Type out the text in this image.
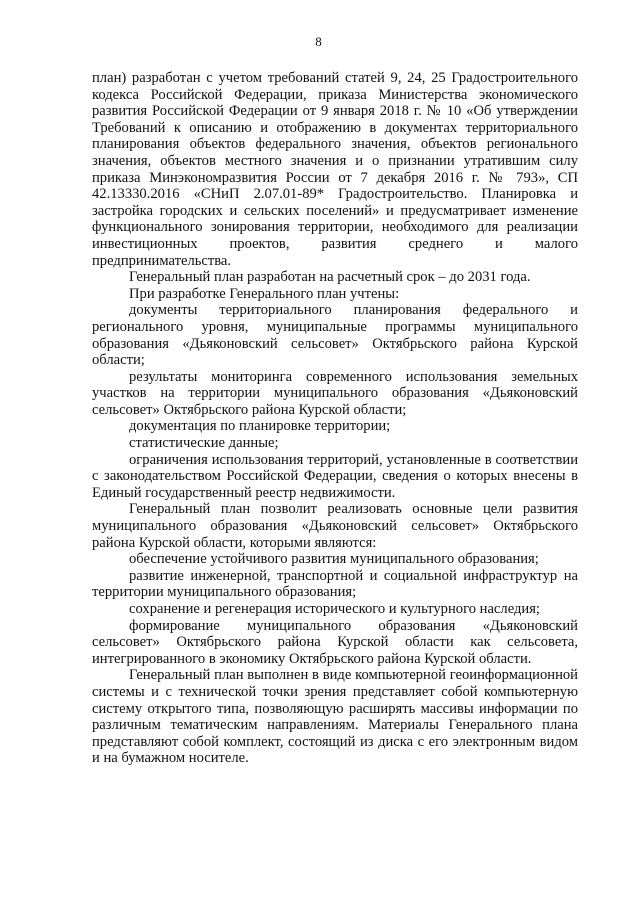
8

план) разработан с учетом требований статей 9, 24, 25 Градостроительного кодекса Российской Федерации, приказа Министерства экономического развития Российской Федерации от 9 января 2018 г. № 10 «Об утверждении Требований к описанию и отображению в документах территориального планирования объектов федерального значения, объектов регионального значения, объектов местного значения и о признании утратившим силу приказа Минэкономразвития России от 7 декабря 2016 г. № 793», СП 42.13330.2016 «СНиП 2.07.01-89* Градостроительство. Планировка и застройка городских и сельских поселений» и предусматривает изменение функционального зонирования территории, необходимого для реализации инвестиционных проектов, развития среднего и малого предпринимательства.

Генеральный план разработан на расчетный срок – до 2031 года.

При разработке Генерального план учтены:

документы территориального планирования федерального и регионального уровня, муниципальные программы муниципального образования «Дьяконовский сельсовет» Октябрьского района Курской области;

результаты мониторинга современного использования земельных участков на территории муниципального образования «Дьяконовский сельсовет» Октябрьского района Курской области;

документация по планировке территории;

статистические данные;

ограничения использования территорий, установленные в соответствии с законодательством Российской Федерации, сведения о которых внесены в Единый государственный реестр недвижимости.

Генеральный план позволит реализовать основные цели развития муниципального образования «Дьяконовский сельсовет» Октябрьского района Курской области, которыми являются:

обеспечение устойчивого развития муниципального образования;

развитие инженерной, транспортной и социальной инфраструктур на территории муниципального образования;

сохранение и регенерация исторического и культурного наследия;

формирование муниципального образования «Дьяконовский сельсовет» Октябрьского района Курской области как сельсовета, интегрированного в экономику Октябрьского района Курской области.

Генеральный план выполнен в виде компьютерной геоинформационной системы и с технической точки зрения представляет собой компьютерную систему открытого типа, позволяющую расширять массивы информации по различным тематическим направлениям. Материалы Генерального плана представляют собой комплект, состоящий из диска с его электронным видом и на бумажном носителе.
